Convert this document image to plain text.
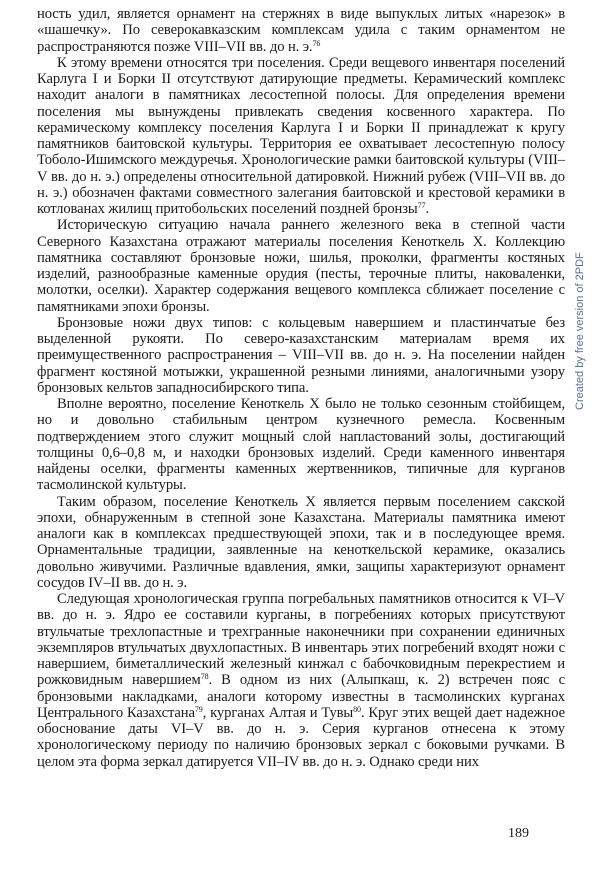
ность удил, является орнамент на стержнях в виде выпуклых литых «нарезок» в «шашечку». По северокавказским комплексам удила с таким орнаментом не распространяются позже VIII–VII вв. до н. э.$^{76}$

К этому времени относятся три поселения. Среди вещевого инвентаря поселений Карлуга I и Борки II отсутствуют датирующие предметы. Керамический комплекс находит аналоги в памятниках лесостепной полосы. Для определения времени поселения мы вынуждены привлекать сведения косвенного характера. По керамическому комплексу поселения Карлуга I и Борки II принадлежат к кругу памятников баитовской культуры. Территория ее охватывает лесостепную полосу Тоболо-Ишимского междуречья. Хронологические рамки баитовской культуры (VIII–V вв. до н. э.) определены относительной датировкой. Нижний рубеж (VIII–VII вв. до н. э.) обозначен фактами совместного залегания баитовской и крестовой керамики в котлованах жилищ притобольских поселений поздней бронзы$^{77}$.

Историческую ситуацию начала раннего железного века в степной части Северного Казахстана отражают материалы поселения Кеноткель X. Коллекцию памятника составляют бронзовые ножи, шилья, проколки, фрагменты костяных изделий, разнообразные каменные орудия (песты, терочные плиты, наковаленки, молотки, оселки). Характер содержания вещевого комплекса сближает поселение с памятниками эпохи бронзы.

Бронзовые ножи двух типов: с кольцевым навершием и пластинчатые без выделенной рукояти. По северо-казахстанским материалам время их преимущественного распространения – VIII–VII вв. до н. э. На поселении найден фрагмент костяной мотыжки, украшенной резными линиями, аналогичными узору бронзовых кельтов западносибирского типа.

Вполне вероятно, поселение Кеноткель X было не только сезонным стойбищем, но и довольно стабильным центром кузнечного ремесла. Косвенным подтверждением этого служит мощный слой напластований золы, достигающий толщины 0,6–0,8 м, и находки бронзовых изделий. Среди каменного инвентаря найдены оселки, фрагменты каменных жертвенников, типичные для курганов тасмолинской культуры.

Таким образом, поселение Кеноткель X является первым поселением сакской эпохи, обнаруженным в степной зоне Казахстана. Материалы памятника имеют аналоги как в комплексах предшествующей эпохи, так и в последующее время. Орнаментальные традиции, заявленные на кеноткельской керамике, оказались довольно живучими. Различные вдавления, ямки, защипы характеризуют орнамент сосудов IV–II вв. до н. э.

Следующая хронологическая группа погребальных памятников относится к VI–V вв. до н. э. Ядро ее составили курганы, в погребениях которых присутствуют втульчатые трехлопастные и трехгранные наконечники при сохранении единичных экземпляров втульчатых двухлопастных. В инвентарь этих погребений входят ножи с навершием, биметаллический железный кинжал с бабочковидным перекрестием и рожковидным навершием$^{78}$. В одном из них (Алыпкаш, к. 2) встречен пояс с бронзовыми накладками, аналоги которому известны в тасмолинских курганах Центрального Казахстана$^{79}$, курганах Алтая и Тувы$^{80}$. Круг этих вещей дает надежное обоснование даты VI–V вв. до н. э. Серия курганов отнесена к этому хронологическому периоду по наличию бронзовых зеркал с боковыми ручками. В целом эта форма зеркал датируется VII–IV вв. до н. э. Однако среди них

189
Created by free version of 2PDF
